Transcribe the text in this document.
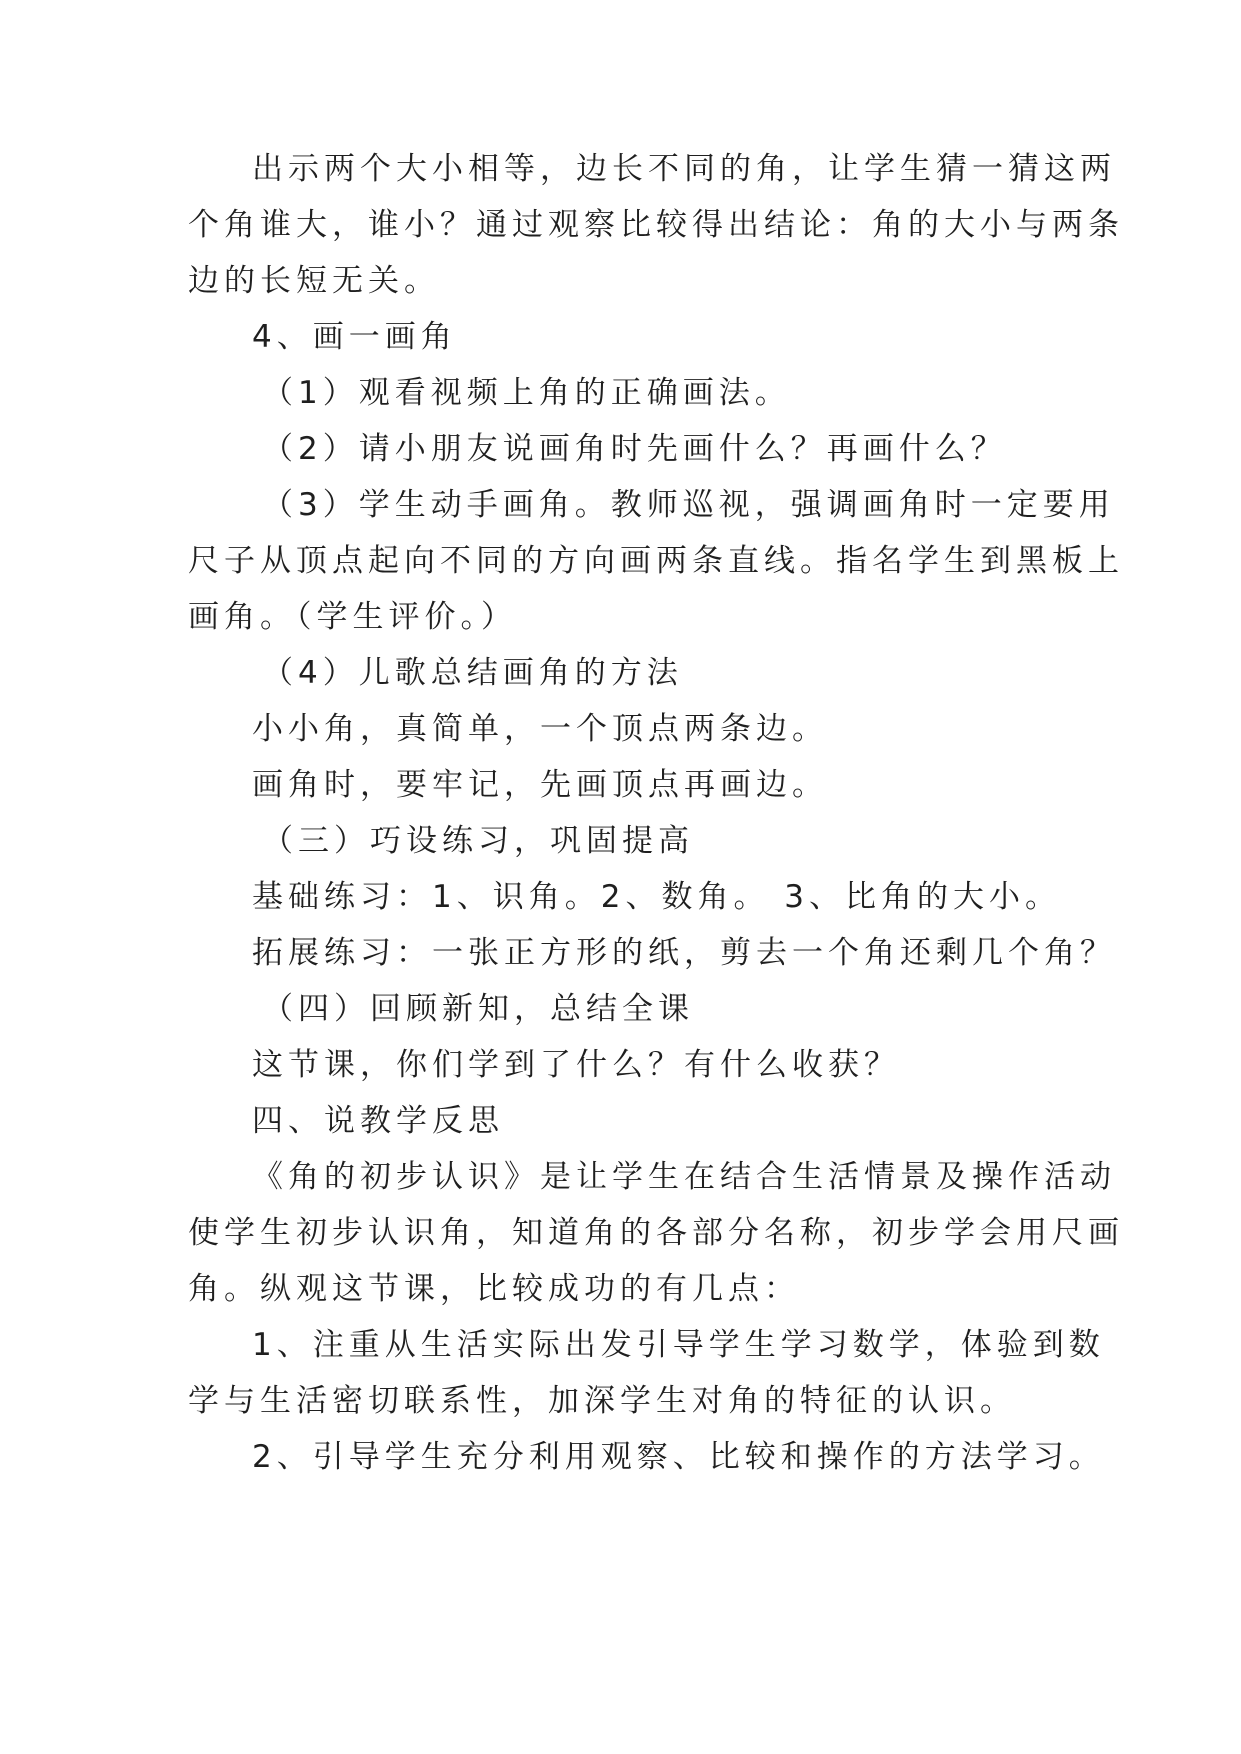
出示两个大小相等，边长不同的角，让学生猜一猜这两
个角谁大，谁小？通过观察比较得出结论：角的大小与两条
边的长短无关。
4、画一画角
（1）观看视频上角的正确画法。
（2）请小朋友说画角时先画什么？再画什么？
（3）学生动手画角。教师巡视，强调画角时一定要用
尺子从顶点起向不同的方向画两条直线。指名学生到黑板上
画角。（学生评价。）
（4）儿歌总结画角的方法
小小角，真简单，一个顶点两条边。
画角时，要牢记，先画顶点再画边。
（三）巧设练习，巩固提高
基础练习：1、识角。2、数角。 3、比角的大小。
拓展练习：一张正方形的纸，剪去一个角还剩几个角？
（四）回顾新知，总结全课
这节课，你们学到了什么？有什么收获？
四、说教学反思
《角的初步认识》是让学生在结合生活情景及操作活动
使学生初步认识角，知道角的各部分名称，初步学会用尺画
角。纵观这节课，比较成功的有几点：
1、注重从生活实际出发引导学生学习数学，体验到数
学与生活密切联系性，加深学生对角的特征的认识。
2、引导学生充分利用观察、比较和操作的方法学习。
